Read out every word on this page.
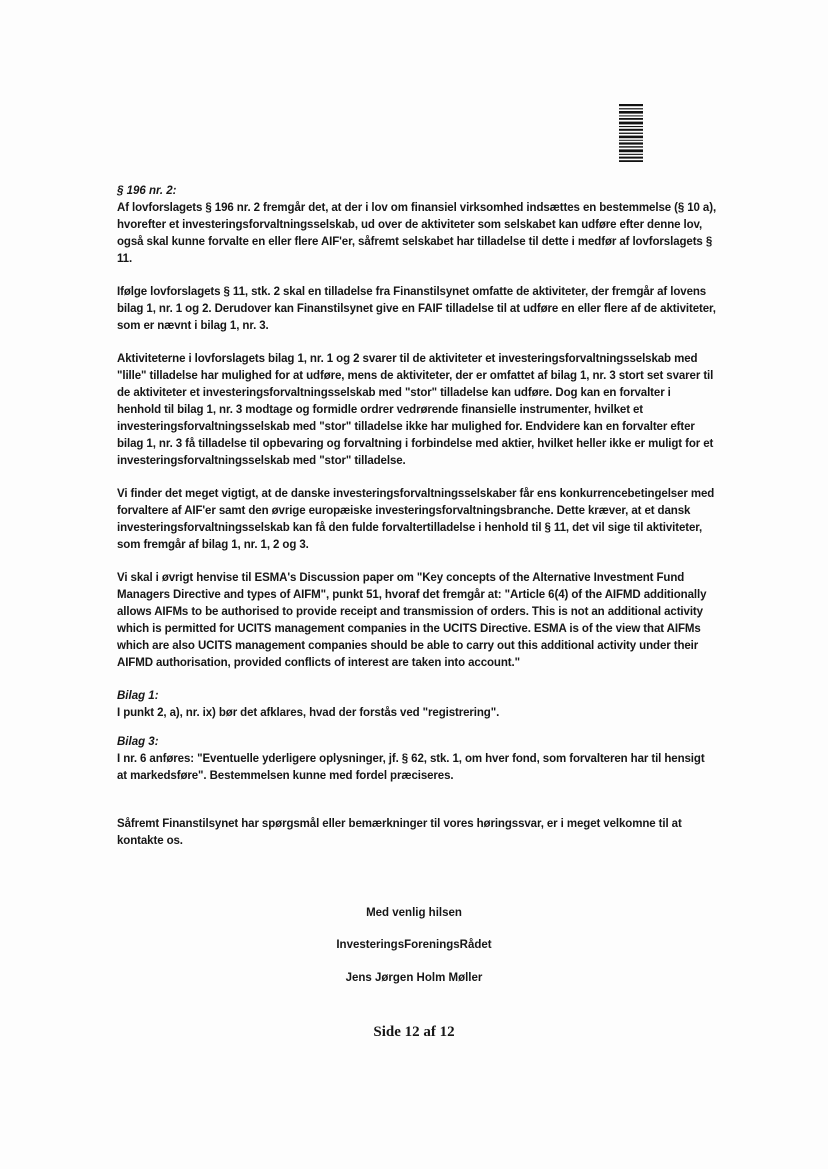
§ 196 nr. 2:

Af lovforslagets § 196 nr. 2 fremgår det, at der i lov om finansiel virksomhed indsættes en bestemmelse (§ 10 a), hvorefter et investeringsforvaltningsselskab, ud over de aktiviteter som selskabet kan udføre efter denne lov, også skal kunne forvalte en eller flere AIF'er, såfremt selskabet har tilladelse til dette i medfør af lovforslagets § 11.

Ifølge lovforslagets § 11, stk. 2 skal en tilladelse fra Finanstilsynet omfatte de aktiviteter, der fremgår af lovens bilag 1, nr. 1 og 2. Derudover kan Finanstilsynet give en FAIF tilladelse til at udføre en eller flere af de aktiviteter, som er nævnt i bilag 1, nr. 3.

Aktiviteterne i lovforslagets bilag 1, nr. 1 og 2 svarer til de aktiviteter et investeringsforvaltningsselskab med "lille" tilladelse har mulighed for at udføre, mens de aktiviteter, der er omfattet af bilag 1, nr. 3 stort set svarer til de aktiviteter et investeringsforvaltningsselskab med "stor" tilladelse kan udføre. Dog kan en forvalter i henhold til bilag 1, nr. 3 modtage og formidle ordrer vedrørende finansielle instrumenter, hvilket et investeringsforvaltningsselskab med "stor" tilladelse ikke har mulighed for. Endvidere kan en forvalter efter bilag 1, nr. 3 få tilladelse til opbevaring og forvaltning i forbindelse med aktier, hvilket heller ikke er muligt for et investeringsforvaltningsselskab med "stor" tilladelse.

Vi finder det meget vigtigt, at de danske investeringsforvaltningsselskaber får ens konkurrencebetingelser med forvaltere af AIF'er samt den øvrige europæiske investeringsforvaltningsbranche. Dette kræver, at et dansk investeringsforvaltningsselskab kan få den fulde forvaltertilladelse i henhold til § 11, det vil sige til aktiviteter, som fremgår af bilag 1, nr. 1, 2 og 3.

Vi skal i øvrigt henvise til ESMA's Discussion paper om "Key concepts of the Alternative Investment Fund Managers Directive and types of AIFM", punkt 51, hvoraf det fremgår at: "Article 6(4) of the AIFMD additionally allows AIFMs to be authorised to provide receipt and transmission of orders. This is not an additional activity which is permitted for UCITS management companies in the UCITS Directive. ESMA is of the view that AIFMs which are also UCITS management companies should be able to carry out this additional activity under their AIFMD authorisation, provided conflicts of interest are taken into account."

Bilag 1:

I punkt 2, a), nr. ix) bør det afklares, hvad der forstås ved "registrering".

Bilag 3:

I nr. 6 anføres: "Eventuelle yderligere oplysninger, jf. § 62, stk. 1, om hver fond, som forvalteren har til hensigt at markedsføre". Bestemmelsen kunne med fordel præciseres.

Såfremt Finanstilsynet har spørgsmål eller bemærkninger til vores høringssvar, er i meget velkomne til at kontakte os.

Med venlig hilsen
InvesteringsForeningsRådet
Jens Jørgen Holm Møller
Side 12 af 12
